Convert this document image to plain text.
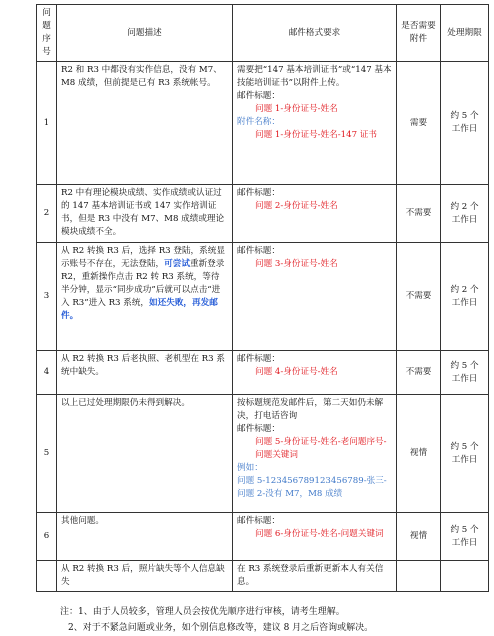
问题序号	问题描述	邮件格式要求	是否需要附件	处理期限
1	R2 和 R3 中都没有实作信息，没有 M7、M8 成绩，但前提是已有 R3 系统帐号。	需要把“147 基本培训证书”或“147 基本技能培训证书”以附件上传。
邮件标题：
问题 1-身份证号-姓名
附件名称：
问题 1-身份证号-姓名-147 证书	需要	约 5 个工作日
2	R2 中有理论模块成绩、实作成绩或认证过的 147 基本培训证书或 147 实作培训证书，但是 R3 中没有 M7、M8 成绩或理论模块成绩不全。	邮件标题：
问题 2-身份证号-姓名	不需要	约 2 个工作日
3	从 R2 转换 R3 后，选择 R3 登陆，系统显示账号不存在，无法登陆，可尝试重新登录 R2，重新操作点击 R2 转 R3 系统，等待半分钟，显示“同步成功”后就可以点击“进入 R3”进入 R3 系统，如还失败，再发邮件。	邮件标题：
问题 3-身份证号-姓名	不需要	约 2 个工作日
4	从 R2 转换 R3 后老执照、老机型在 R3 系统中缺失。	邮件标题：
问题 4-身份证号-姓名	不需要	约 5 个工作日
5	以上已过处理期限仍未得到解决。	按标题规范发邮件后，第二天如仍未解决，打电话咨询
邮件标题：
问题 5-身份证号-姓名-老问题序号-问题关键词
例如：
问题 5-123456789123456789-张三-问题 2-没有 M7，M8 成绩	视情	约 5 个工作日
6	其他问题。	邮件标题：
问题 6-身份证号-姓名-问题关键词	视情	约 5 个工作日

	从 R2 转换 R3 后，照片缺失等个人信息缺失	在 R3 系统登录后重新更新本人有关信息。		

注：1、由于人员较多，管理人员会按优先顺序进行审核，请考生理解。
2、对于不紧急问题或业务，如个别信息修改等，建议 8 月之后咨询或解决。
